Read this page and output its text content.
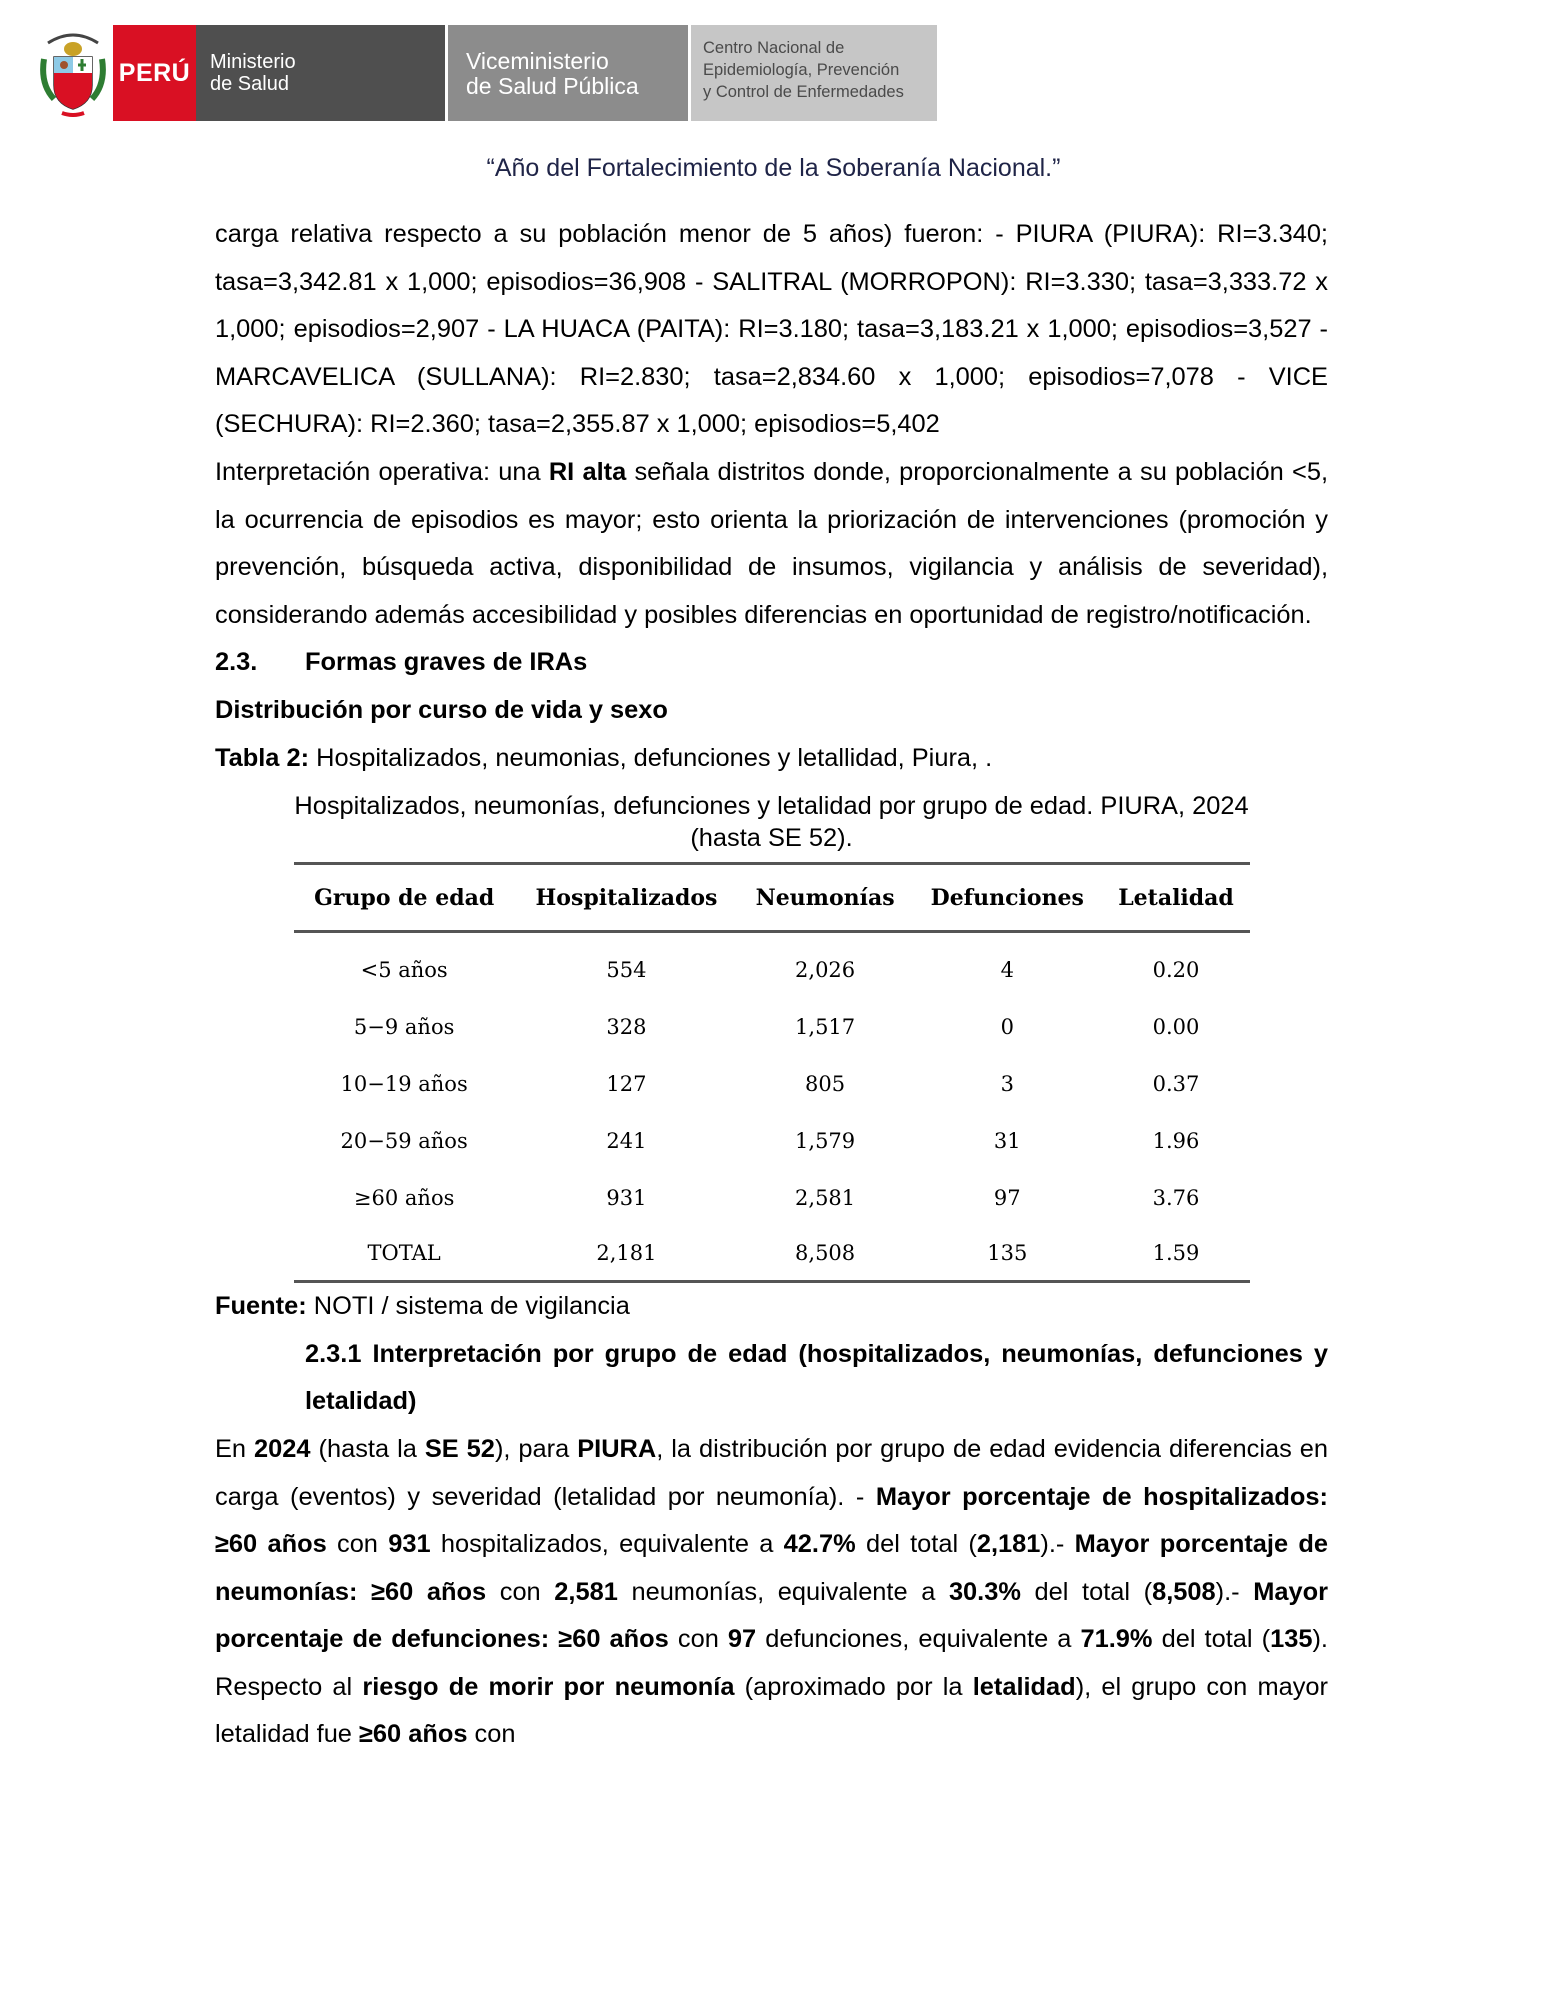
PERÚ Ministerio
de Salud
Viceministerio
de Salud Pública
Centro Nacional de
Epidemiología, Prevención
y Control de Enfermedades
“Año del Fortalecimiento de la Soberanía Nacional.”

carga relativa respecto a su población menor de 5 años) fueron: - PIURA (PIURA): RI=3.340; tasa=3,342.81 x 1,000; episodios=36,908 - SALITRAL (MORROPON): RI=3.330; tasa=3,333.72 x 1,000; episodios=2,907 - LA HUACA (PAITA): RI=3.180; tasa=3,183.21 x 1,000; episodios=3,527 - MARCAVELICA (SULLANA): RI=2.830; tasa=2,834.60 x 1,000; episodios=7,078 - VICE (SECHURA): RI=2.360; tasa=2,355.87 x 1,000; episodios=5,402

Interpretación operativa: una RI alta señala distritos donde, proporcionalmente a su población <5, la ocurrencia de episodios es mayor; esto orienta la priorización de intervenciones (promoción y prevención, búsqueda activa, disponibilidad de insumos, vigilancia y análisis de severidad), considerando además accesibilidad y posibles diferencias en oportunidad de registro/notificación.

2.3. Formas graves de IRAs

Distribución por curso de vida y sexo

Tabla 2: Hospitalizados, neumonias, defunciones y letallidad, Piura, .

Hospitalizados, neumonías, defunciones y letalidad por grupo de edad. PIURA, 2024
(hasta SE 52).
Grupo de edad	Hospitalizados	Neumonías	Defunciones	Letalidad
<5 años	554	2,026	4	0.20
5−9 años	328	1,517	0	0.00
10−19 años	127	805	3	0.37
20−59 años	241	1,579	31	1.96
≥60 años	931	2,581	97	3.76
TOTAL	2,181	8,508	135	1.59

Fuente: NOTI / sistema de vigilancia

2.3.1 Interpretación por grupo de edad (hospitalizados, neumonías, defunciones y letalidad)

En 2024 (hasta la SE 52), para PIURA, la distribución por grupo de edad evidencia diferencias en carga (eventos) y severidad (letalidad por neumonía). - Mayor porcentaje de hospitalizados: ≥60 años con 931 hospitalizados, equivalente a 42.7% del total (2,181).- Mayor porcentaje de neumonías: ≥60 años con 2,581 neumonías, equivalente a 30.3% del total (8,508).- Mayor porcentaje de defunciones: ≥60 años con 97 defunciones, equivalente a 71.9% del total (135). Respecto al riesgo de morir por neumonía (aproximado por la letalidad), el grupo con mayor letalidad fue ≥60 años con
